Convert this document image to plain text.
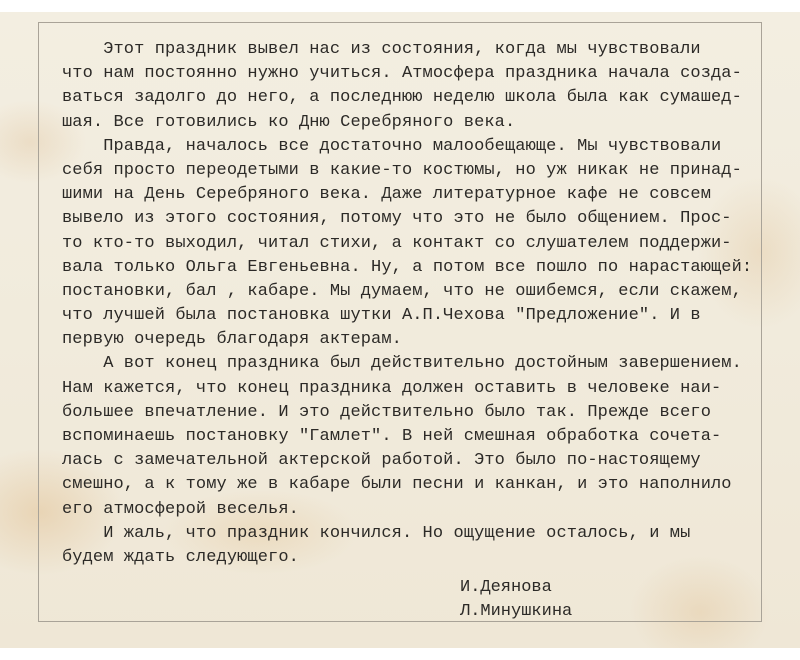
Этот праздник вывел нас из состояния, когда мы чувствовали
что нам постоянно нужно учиться. Атмосфера праздника начала созда-
ваться задолго до него, а последнюю неделю школа была как сумашед-
шая. Все готовились ко Дню Серебряного века.
Правда, началось все достаточно малообещающе. Мы чувствовали
себя просто переодетыми в какие-то костюмы, но уж никак не принад-
шими на День Серебряного века. Даже литературное кафе не совсем
вывело из этого состояния, потому что это не было общением. Прос-
то кто-то выходил, читал стихи, а контакт со слушателем поддержи-
вала только Ольга Евгеньевна. Ну, а потом все пошло по нарастающей:
постановки, бал , кабаре. Мы думаем, что не ошибемся, если скажем,
что лучшей была постановка шутки А.П.Чехова "Предложение". И в
первую очередь благодаря актерам.
А вот конец праздника был действительно достойным завершением.
Нам кажется, что конец праздника должен оставить в человеке наи-
большее впечатление. И это действительно было так. Прежде всего
вспоминаешь постановку "Гамлет". В ней смешная обработка сочета-
лась с замечательной актерской работой. Это было по-настоящему
смешно, а к тому же в кабаре были песни и канкан, и это наполнило
его атмосферой веселья.
И жаль, что праздник кончился. Но ощущение осталось, и мы
будем ждать следующего.
И.Деянова
Л.Минушкина
